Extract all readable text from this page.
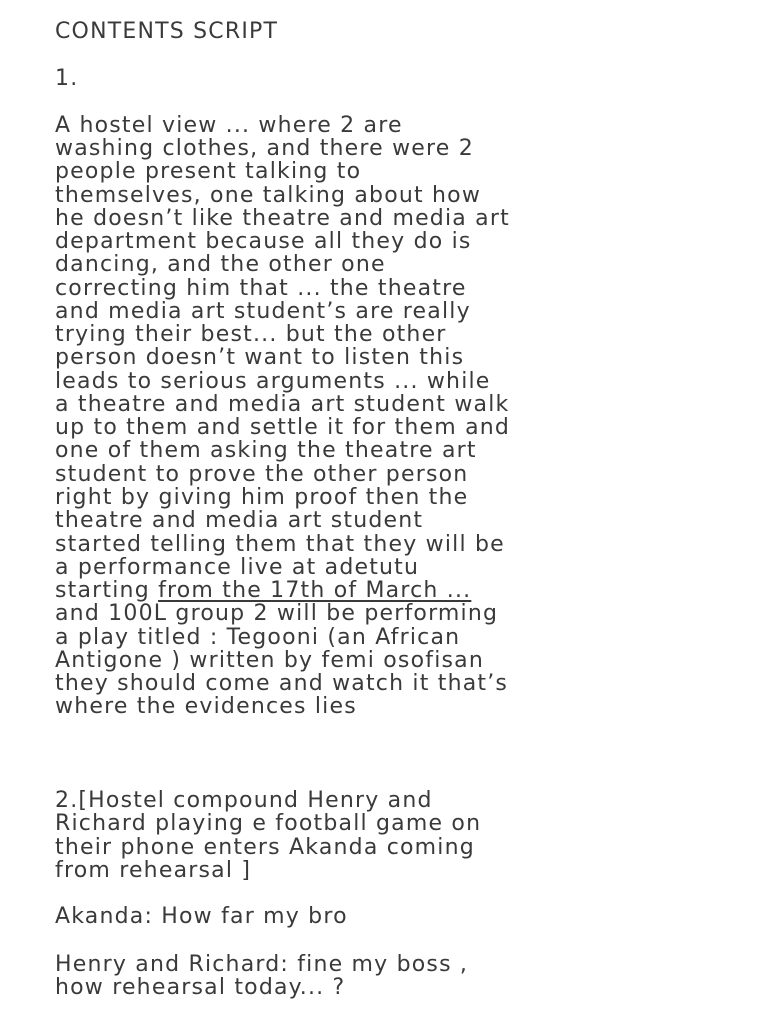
CONTENTS SCRIPT
1.
A hostel view ... where 2 are
washing clothes, and there were 2
people present talking to
themselves, one talking about how
he doesn’t like theatre and media art
department because all they do is
dancing, and the other one
correcting him that ... the theatre
and media art student’s are really
trying their best... but the other
person doesn’t want to listen this
leads to serious arguments ... while
a theatre and media art student walk
up to them and settle it for them and
one of them asking the theatre art
student to prove the other person
right by giving him proof then the
theatre and media art student
started telling them that they will be
a performance live at adetutu
starting from the 17th of March ...
and 100L group 2 will be performing
a play titled : Tegooni (an African
Antigone ) written by femi osofisan
they should come and watch it that’s
where the evidences lies
2.[Hostel compound Henry and
Richard playing e football game on
their phone enters Akanda coming
from rehearsal ]
Akanda: How far my bro
Henry and Richard: fine my boss ,
how rehearsal today... ?
